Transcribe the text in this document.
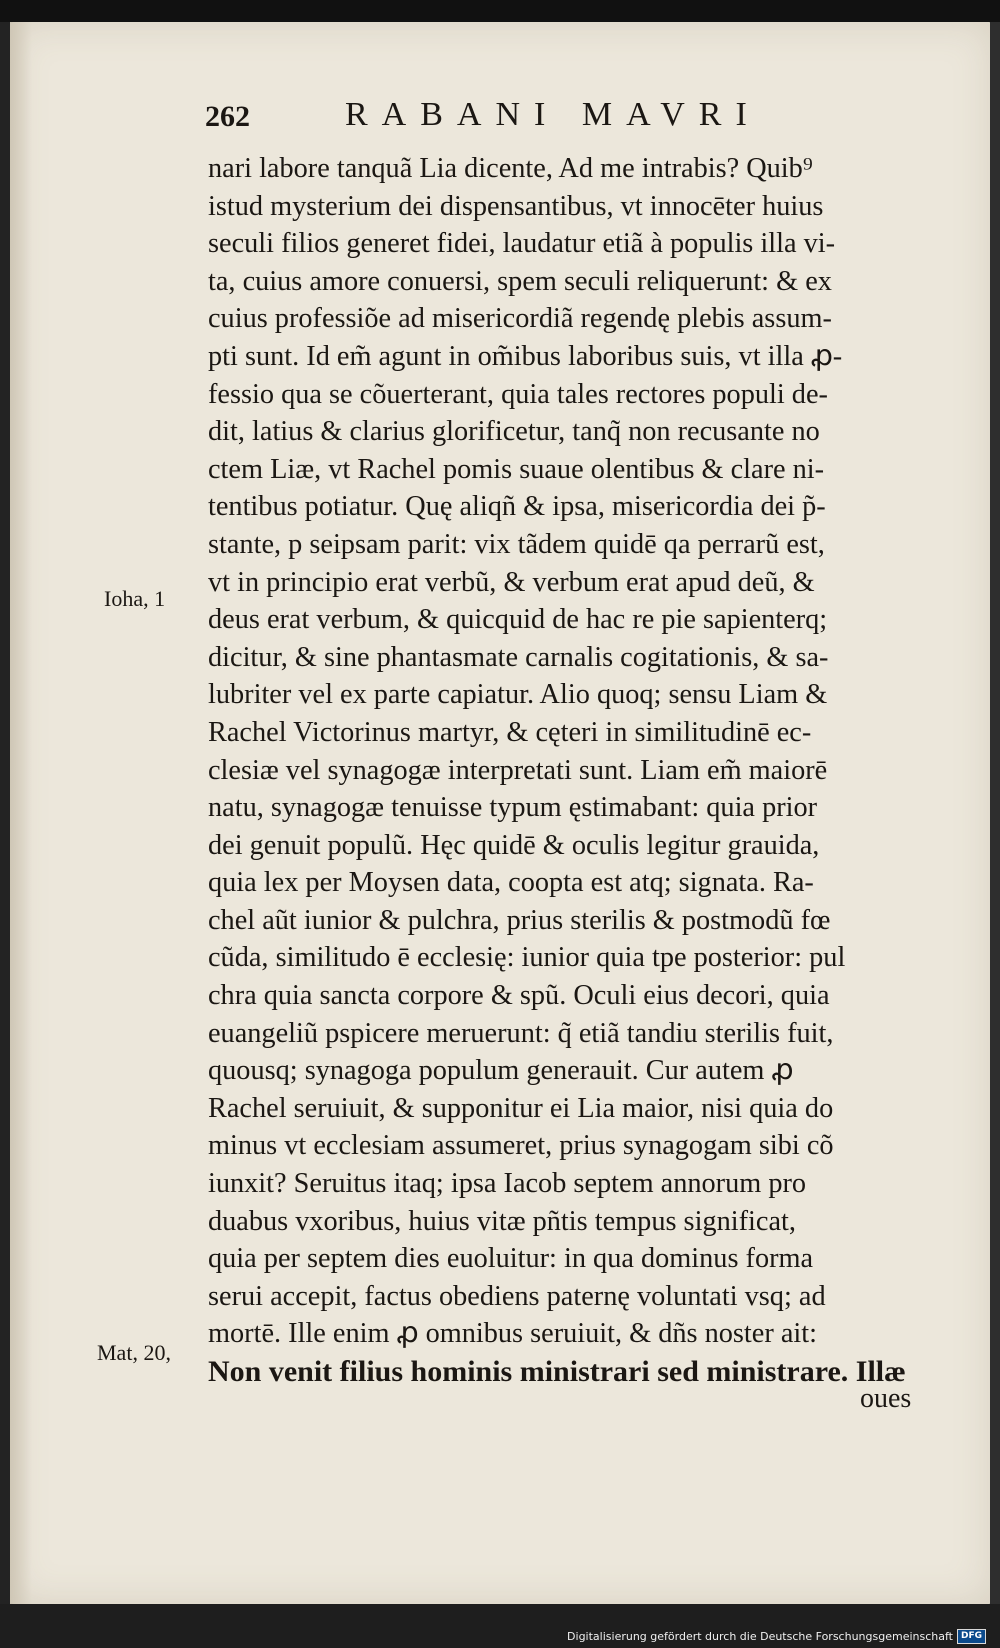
262	RABANI MAVRI
Ioha, 1
Mat, 20,
nari labore tanquã Lia dicente, Ad me intrabis? Quib⁹
istud mysterium dei dispensantibus, vt innocēter huius
seculi filios generet fidei, laudatur etiã à populis illa vi-
ta, cuius amore conuersi, spem seculi reliquerunt: & ex
cuius professiõe ad misericordiã regendę plebis assum-
pti sunt. Id em̃ agunt in om̃ibus laboribus suis, vt illa ꝓ-
fessio qua se cõuerterant, quia tales rectores populi de-
dit, latius & clarius glorificetur, tanq̃ non recusante no
ctem Liæ, vt Rachel pomis suaue olentibus & clare ni-
tentibus potiatur. Quę aliqñ & ipsa, misericordia dei p̃-
stante, p seipsam parit: vix tãdem quidē qa perrarũ est,
vt in principio erat verbũ, & verbum erat apud deũ, &
deus erat verbum, & quicquid de hac re pie sapienterq;
dicitur, & sine phantasmate carnalis cogitationis, & sa-
lubriter vel ex parte capiatur. Alio quoq; sensu Liam &
Rachel Victorinus martyr, & cęteri in similitudinē ec-
clesiæ vel synagogæ interpretati sunt. Liam em̃ maiorē
natu, synagogæ tenuisse typum ęstimabant: quia prior
dei genuit populũ. Hęc quidē & oculis legitur grauida,
quia lex per Moysen data, coopta est atq; signata. Ra-
chel aũt iunior & pulchra, prius sterilis & postmodũ fœ
cũda, similitudo ē ecclesię: iunior quia tpe posterior: pul
chra quia sancta corpore & spũ. Oculi eius decori, quia
euangeliũ pspicere meruerunt: q̃ etiã tandiu sterilis fuit,
quousq; synagoga populum generauit. Cur autem ꝓ
Rachel seruiuit, & supponitur ei Lia maior, nisi quia do
minus vt ecclesiam assumeret, prius synagogam sibi cõ
iunxit? Seruitus itaq; ipsa Iacob septem annorum pro
duabus vxoribus, huius vitæ pñtis tempus significat,
quia per septem dies euoluitur: in qua dominus forma
serui accepit, factus obediens paternę voluntati vsq; ad
mortē. Ille enim ꝓ omnibus seruiuit, & dñs noster ait:
Non venit filius hominis ministrari sed ministrare. Illæ
oues
Digitalisierung gefördert durch die Deutsche Forschungsgemeinschaft DFG
